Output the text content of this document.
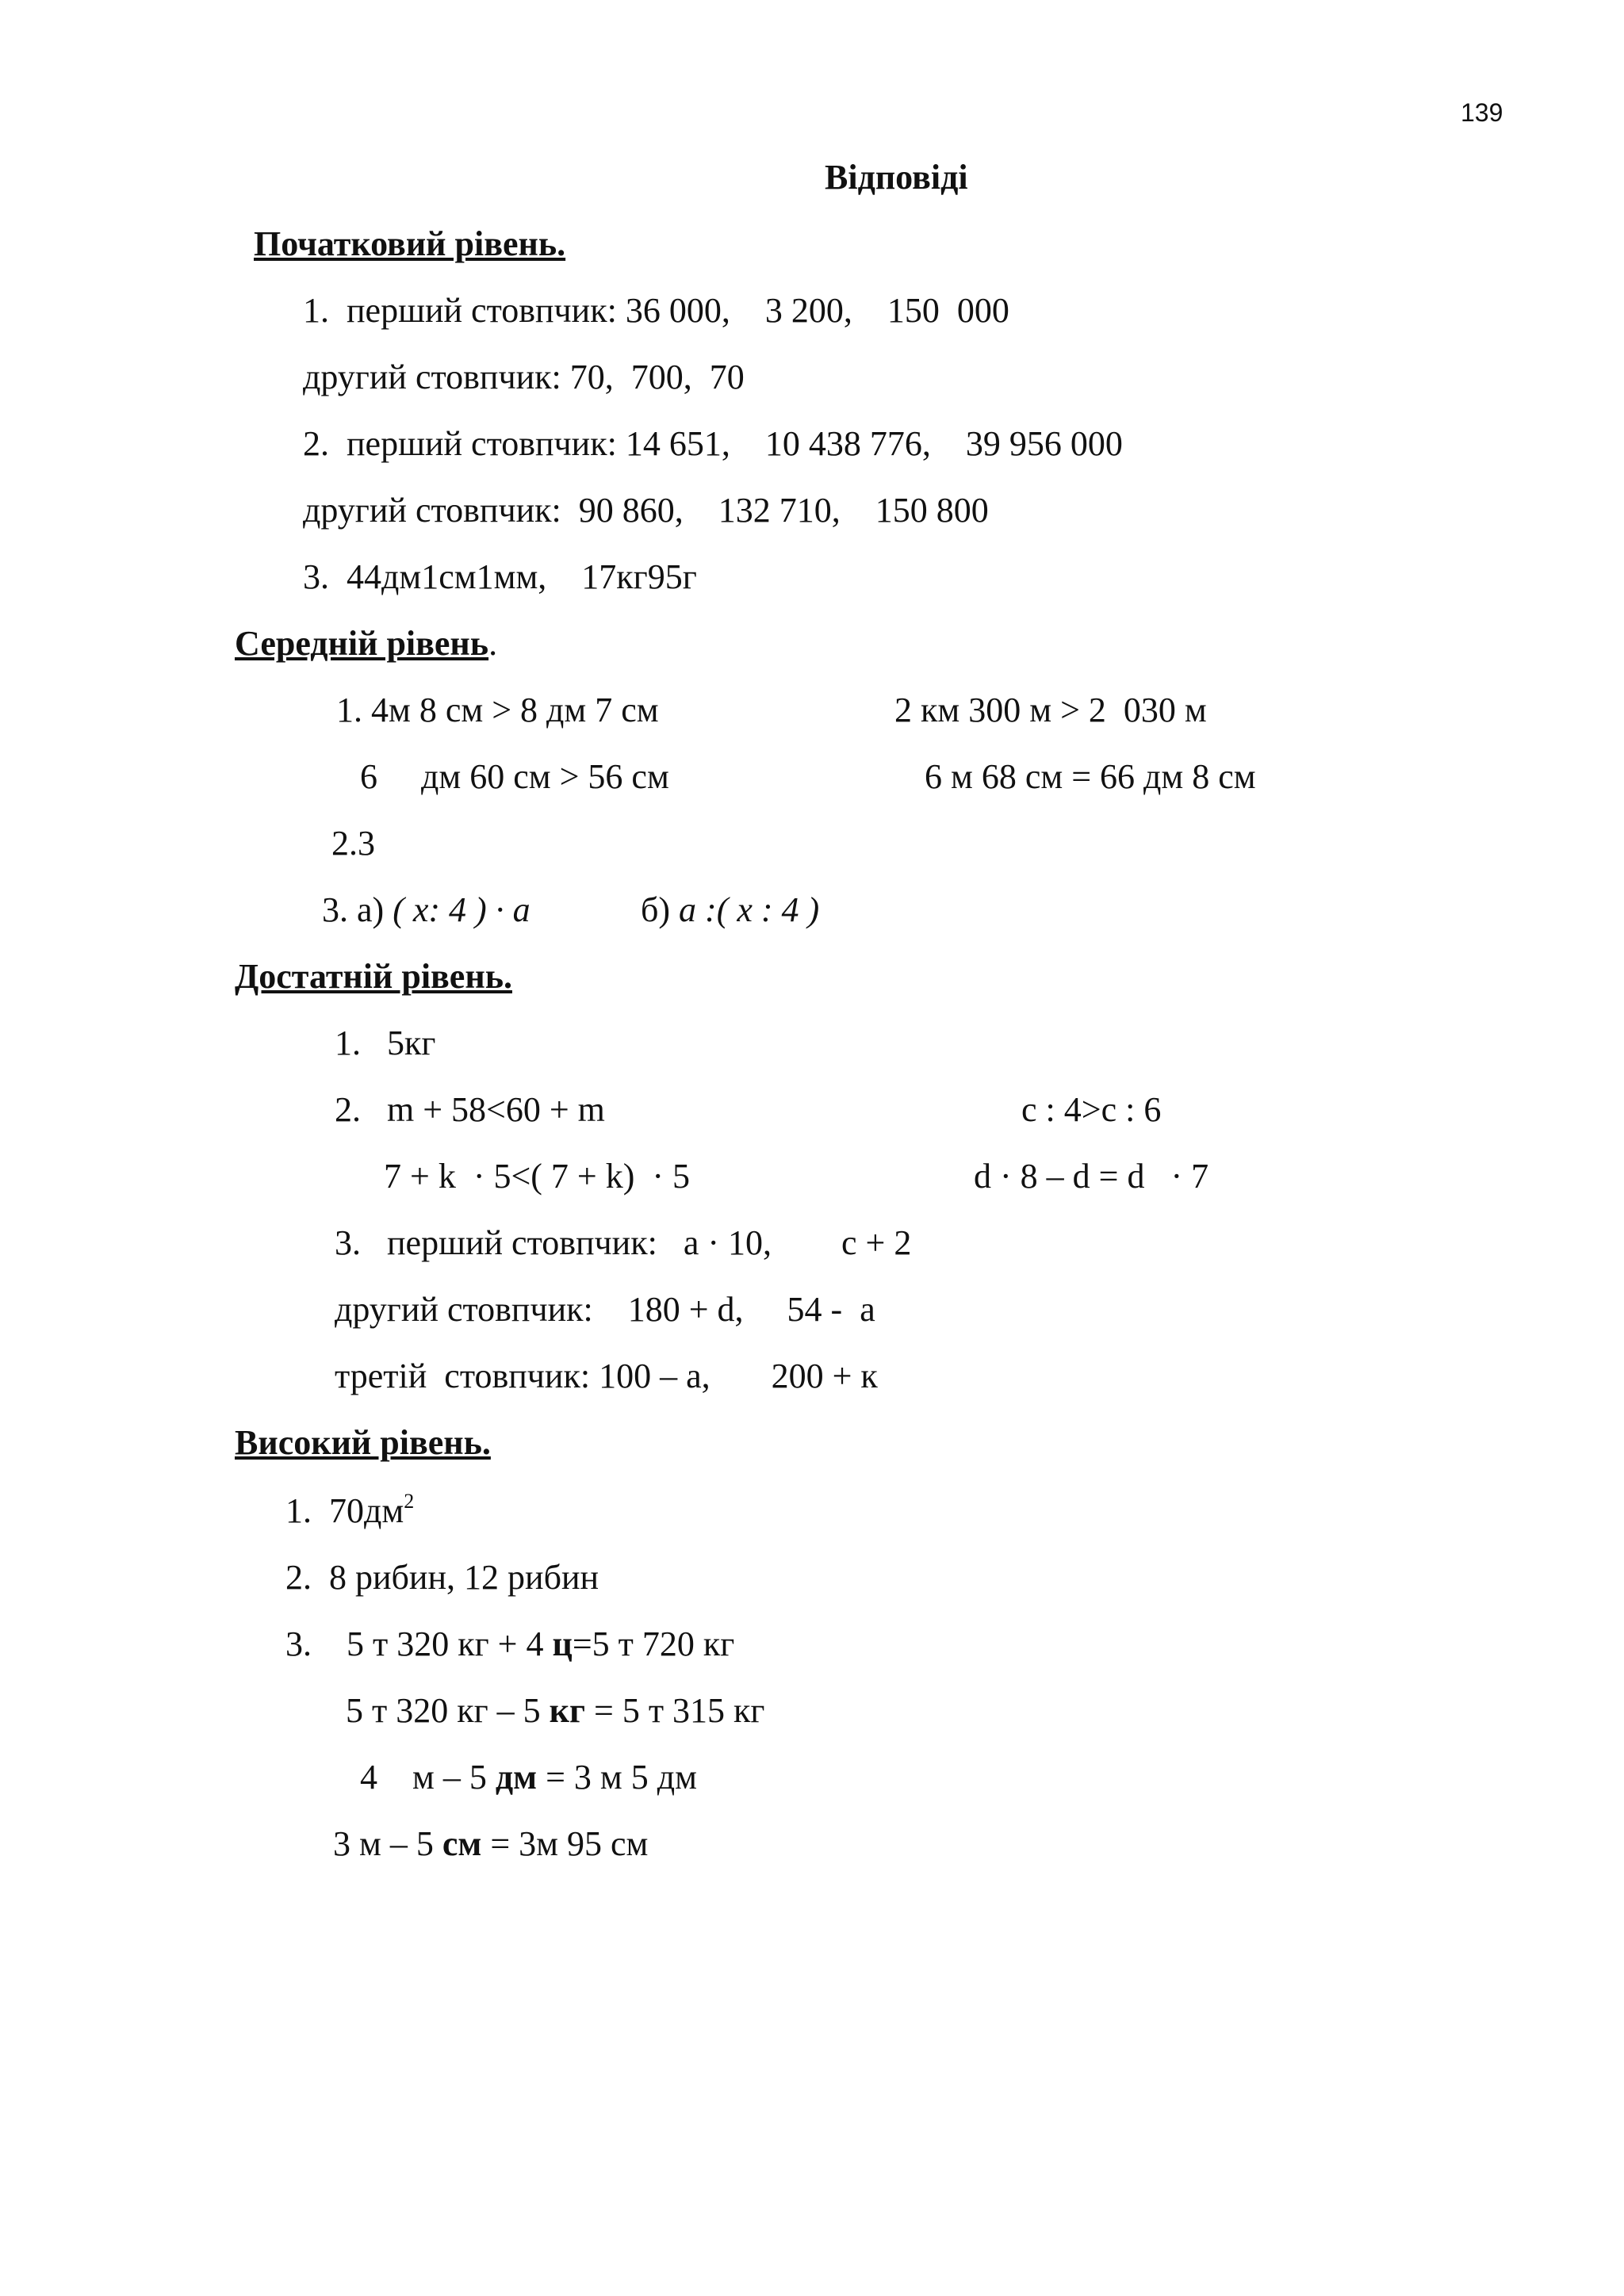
139
Відповіді
Початковий рівень.
1.  перший стовпчик: 36 000,    3 200,    150  000
другий стовпчик: 70,  700,  70
2.  перший стовпчик: 14 651,    10 438 776,    39 956 000
другий стовпчик:  90 860,    132 710,    150 800
3.  44дм1см1мм,    17кг95г
Середній рівень.
1. 4м 8 см > 8 дм 7 см	2 км 300 м > 2  030 м
6     дм 60 см > 56 см	6 м 68 см = 66 дм 8 см
2.3
3. а) ( х: 4 ) · а	б) а :( х : 4 )
Достатній рівень.
1.   5кг
2.   m + 58<60 + m	c : 4>c : 6
7 + k  · 5<( 7 + k)  · 5	d · 8 – d = d   · 7
3.   перший стовпчик:   а · 10,        с + 2
другий стовпчик:    180 + d,     54 -  а
третій  стовпчик: 100 – а,       200 + к
Високий рівень.
1.  $70дм^2$
2.  8 рибин, 12 рибин
3.    5 т 320 кг + 4 ц=5 т 720 кг
5 т 320 кг – 5 кг = 5 т 315 кг
4    м – 5 дм = 3 м 5 дм
3 м – 5 см = 3м 95 см
